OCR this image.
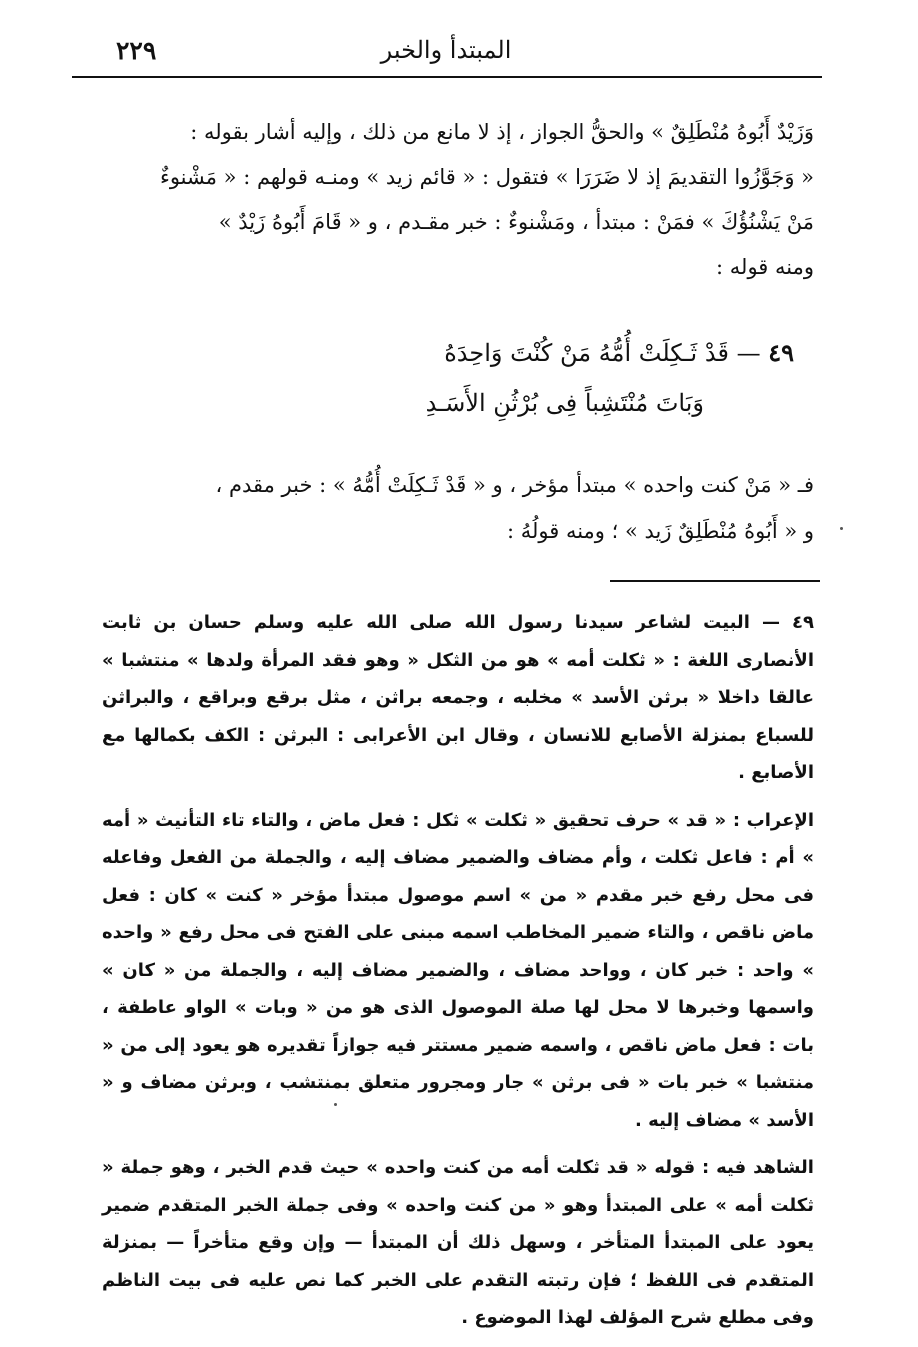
٢٢٩	المبتدأ والخبر

وَزَيْدٌ أَبُوهُ مُنْطَلِقٌ » والحقُّ الجواز ، إذ لا مانع من ذلك ، وإليه أشار بقوله :

« وَجَوَّزُوا التقديمَ إذ لا ضَرَرَا » فتقول : « قائم زيد » ومنـه قولهم : « مَشْنوءٌ

مَنْ يَشْنُؤُكَ » فمَنْ : مبتدأ ، ومَشْنوءٌ : خبر مقـدم ، و « قَامَ أَبُوهُ زَيْدٌ »

ومنه قوله :

٤٩ — قَدْ ثَـكِلَتْ أُمُّهُ مَنْ كُنْتَ وَاحِدَهُ
وَبَاتَ مُنْتَشِباً فِى بُرْثُنِ الأَسَـدِ

فـ « مَنْ كنت واحده » مبتدأ مؤخر ، و « قَدْ ثَـكِلَتْ أُمُّهُ » : خبر مقدم ،

و « أَبُوهُ مُنْطَلِقٌ زَيد » ؛ ومنه قولُهُ :

٤٩ — البيت لشاعر سيدنا رسول الله صلى الله عليه وسلم حسان بن ثابت الأنصارى اللغة : « ثكلت أمه » هو من الثكل « وهو فقد المرأة ولدها » منتشبا » عالقا داخلا « برثن الأسد » مخلبه ، وجمعه براثن ، مثل برقع وبراقع ، والبراثن للسباع بمنزلة الأصابع للانسان ، وقال ابن الأعرابى : البرثن : الكف بكمالها مع الأصابع .

الإعراب : « قد » حرف تحقيق « ثكلت » ثكل : فعل ماض ، والتاء تاء التأنيث « أمه » أم : فاعل ثكلت ، وأم مضاف والضمير مضاف إليه ، والجملة من الفعل وفاعله فى محل رفع خبر مقدم « من » اسم موصول مبتدأ مؤخر « كنت » كان : فعل ماض ناقص ، والتاء ضمير المخاطب اسمه مبنى على الفتح فى محل رفع « واحده » واحد : خبر كان ، وواحد مضاف ، والضمير مضاف إليه ، والجملة من « كان » واسمها وخبرها لا محل لها صلة الموصول الذى هو من « وبات » الواو عاطفة ، بات : فعل ماض ناقص ، واسمه ضمير مستتر فيه جوازاً تقديره هو يعود إلى من « منتشبا » خبر بات « فى برثن » جار ومجرور متعلق بمنتشب ، وبرثن مضاف و « الأسد » مضاف إليه .

الشاهد فيه : قوله « قد ثكلت أمه من كنت واحده » حيث قدم الخبر ، وهو جملة « ثكلت أمه » على المبتدأ وهو « من كنت واحده » وفى جملة الخبر المتقدم ضمير يعود على المبتدأ المتأخر ، وسهل ذلك أن المبتدأ — وإن وقع متأخراً — بمنزلة المتقدم فى اللفظ ؛ فإن رتبته التقدم على الخبر كما نص عليه فى بيت الناظم وفى مطلع شرح المؤلف لهذا الموضوع .
